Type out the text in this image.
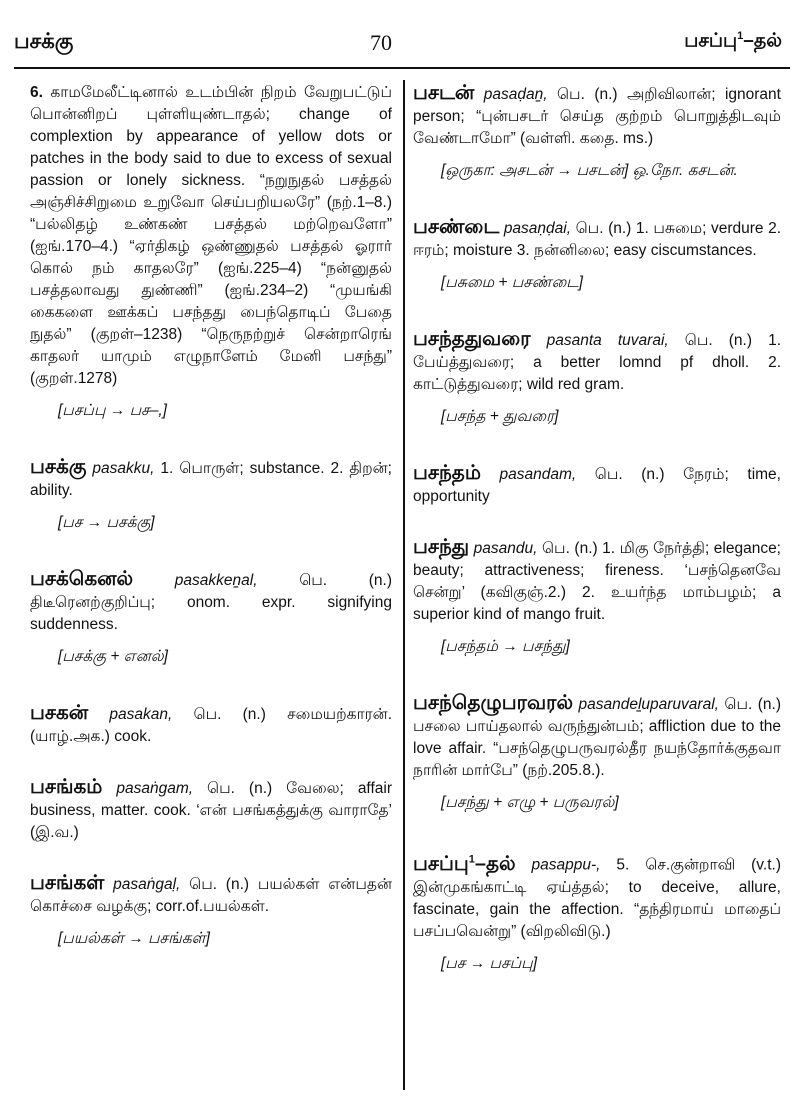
பசக்கு	70	பசப்பு$^1$–தல்
6. காமமேலீட்டினால் உடம்பின் நிறம் வேறுபட்டுப் பொன்னிறப் புள்ளியுண்டாதல்; change of complextion by appearance of yellow dots or patches in the body said to due to excess of sexual passion or lonely sickness. “நறுநுதல் பசத்தல் அஞ்சிச்சிறுமை உறுவோ செய்பறியலரே” (நற்.1–8.) “பல்லிதழ் உண்கண் பசத்தல் மற்றெவளோ” (ஐங்.170–4.) “ஏர்திகழ் ஒண்ணுதல் பசத்தல் ஓரார் கொல் நம் காதலரே” (ஐங்.225–4) “நன்னுதல் பசத்தலாவது துண்ணி” (ஐங்.234–2) “முயங்கி கைகளை ஊக்கப் பசந்தது பைந்தொடிப் பேதை நுதல்” (குறள்–1238) “நெருநற்றுச் சென்றாரெங் காதலர் யாமும் எழுநாளேம் மேனி பசந்து” (குறள்.1278)
[பசப்பு → பச–,]
பசக்கு pasakku, 1. பொருள்; substance. 2. திறன்; ability.
[பச → பசக்கு]
பசக்கெனல்	pasakkeṉal,	பெ. (n.) திடீரெனற்குறிப்பு; onom. expr. signifying suddenness.
[பசக்கு + எனல்]
பசகன் pasakan, பெ. (n.) சமையற்காரன். (யாழ்.அக.) cook.
பசங்கம் pasaṅgam, பெ. (n.) வேலை; affair business, matter. cook. ‘என் பசங்கத்துக்கு வாராதே’ (இ.வ.)
பசங்கள் pasaṅgaḷ, பெ. (n.) பயல்கள் என்பதன் கொச்சை வழக்கு; corr.of.பயல்கள்.
[பயல்கள் → பசங்கள்]
பசடன் pasaḍaṉ, பெ. (n.) அறிவிலான்; ignorant person; “புன்பசடர் செய்த குற்றம் பொறுத்திடவும் வேண்டாமோ” (வள்ளி. கதை. ms.)
[ஒருகா: அசடன் → பசடன்] ஒ.நோ. கசடன்.
பசண்டை pasaṇḍai, பெ. (n.) 1. பசுமை; verdure 2. ஈரம்; moisture 3. நன்னிலை; easy ciscumstances.
[பசுமை + பசண்டை]
பசந்ததுவரை pasanta tuvarai, பெ. (n.) 1. பேய்த்துவரை; a better lomnd pf dholl. 2. காட்டுத்துவரை; wild red gram.
[பசந்த + துவரை]
பசந்தம் pasandam, பெ. (n.) நேரம்; time, opportunity
பசந்து pasandu, பெ. (n.) 1. மிகு நேர்த்தி; elegance; beauty; attractiveness; fireness. ‘பசந்தெனவே சென்று’ (கவிகுஞ்.2.) 2. உயர்ந்த மாம்பழம்; a superior kind of mango fruit.
[பசந்தம் → பசந்து]
பசந்தெழுபரவரல் pasandeḻuparuvaral, பெ. (n.) பசலை பாய்தலால் வருந்துன்பம்; affliction due to the love affair. “பசந்தெழுபருவரல்தீர நயந்தோர்க்குதவா நாரின் மார்பே” (நற்.205.8.).
[பசந்து + எழு + பருவரல்]
பசப்பு$^1$–தல் pasappu-, 5. செ.குன்றாவி (v.t.) இன்முகங்காட்டி ஏய்த்தல்; to deceive, allure, fascinate, gain the affection. “தந்திரமாய் மாதைப் பசப்பவென்று” (விறலிவிடு.)
[பச → பசப்பு]
